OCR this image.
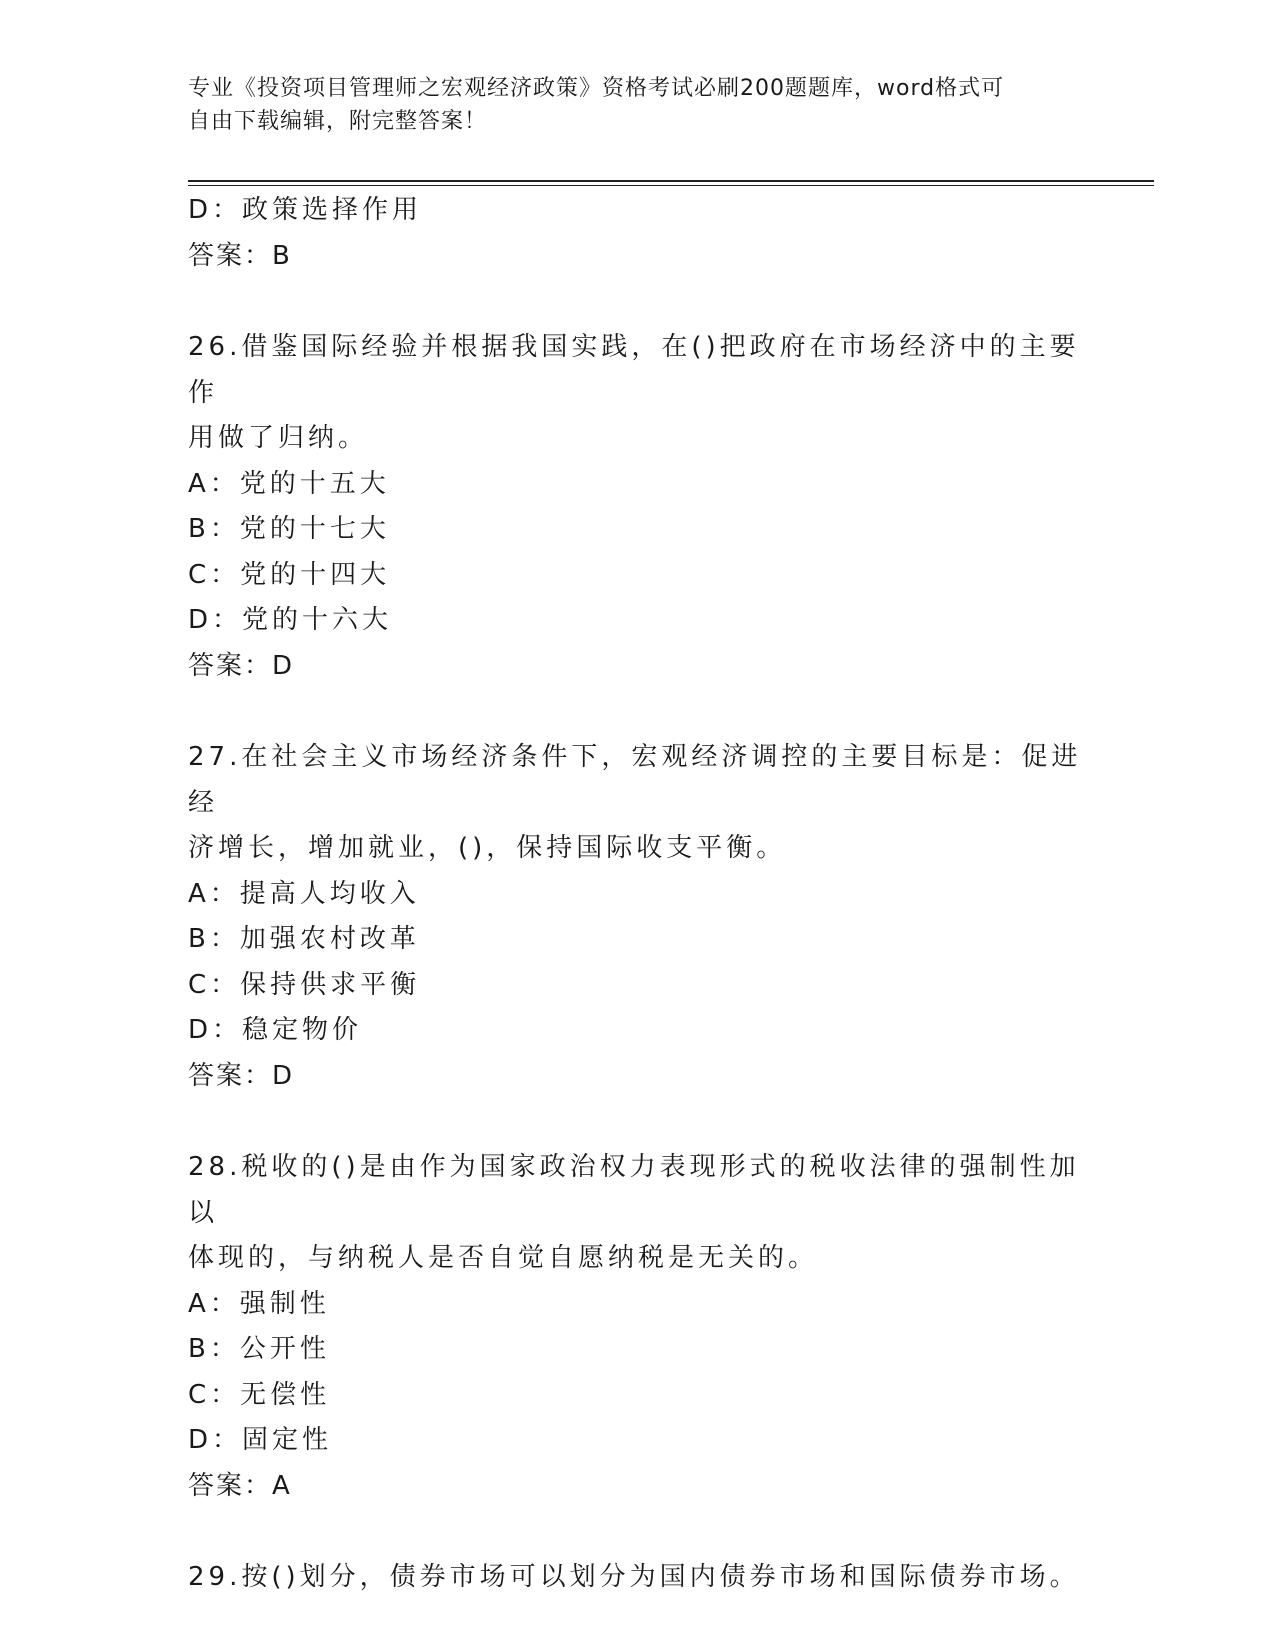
专业《投资项目管理师之宏观经济政策》资格考试必刷200题题库，word格式可
自由下载编辑，附完整答案！
D：政策选择作用
答案：B
26.借鉴国际经验并根据我国实践，在()把政府在市场经济中的主要作
用做了归纳。
A：党的十五大
B：党的十七大
C：党的十四大
D：党的十六大
答案：D
27.在社会主义市场经济条件下，宏观经济调控的主要目标是：促进经
济增长，增加就业，()，保持国际收支平衡。
A：提高人均收入
B：加强农村改革
C：保持供求平衡
D：稳定物价
答案：D
28.税收的()是由作为国家政治权力表现形式的税收法律的强制性加以
体现的，与纳税人是否自觉自愿纳税是无关的。
A：强制性
B：公开性
C：无偿性
D：固定性
答案：A
29.按()划分，债券市场可以划分为国内债券市场和国际债券市场。
